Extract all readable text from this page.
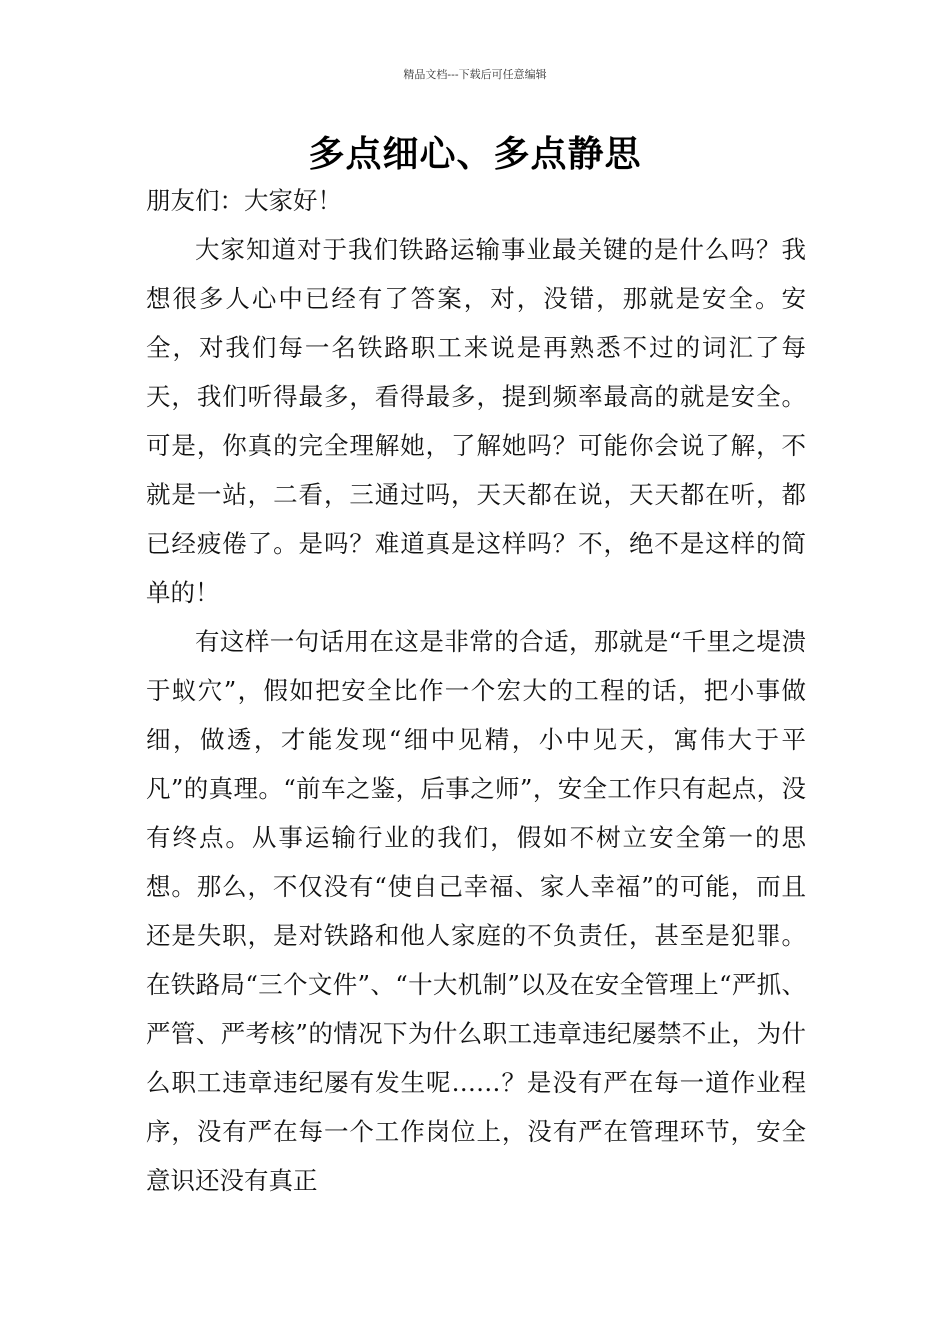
精品文档---下载后可任意编辑
多点细心、多点静思

朋友们：大家好！

大家知道对于我们铁路运输事业最关键的是什么吗？我想很多人心中已经有了答案，对，没错，那就是安全。安全，对我们每一名铁路职工来说是再熟悉不过的词汇了每天，我们听得最多，看得最多，提到频率最高的就是安全。可是，你真的完全理解她，了解她吗？可能你会说了解，不就是一站，二看，三通过吗，天天都在说，天天都在听，都已经疲倦了。是吗？难道真是这样吗？不，绝不是这样的简单的！

有这样一句话用在这是非常的合适，那就是“千里之堤溃于蚁穴”，假如把安全比作一个宏大的工程的话，把小事做细，做透，才能发现“细中见精，小中见天，寓伟大于平凡”的真理。“前车之鉴，后事之师”，安全工作只有起点，没有终点。从事运输行业的我们，假如不树立安全第一的思想。那么，不仅没有“使自己幸福、家人幸福”的可能，而且还是失职，是对铁路和他人家庭的不负责任，甚至是犯罪。在铁路局“三个文件”、“十大机制”以及在安全管理上“严抓、严管、严考核”的情况下为什么职工违章违纪屡禁不止，为什么职工违章违纪屡有发生呢……？是没有严在每一道作业程序，没有严在每一个工作岗位上，没有严在管理环节，安全意识还没有真正
